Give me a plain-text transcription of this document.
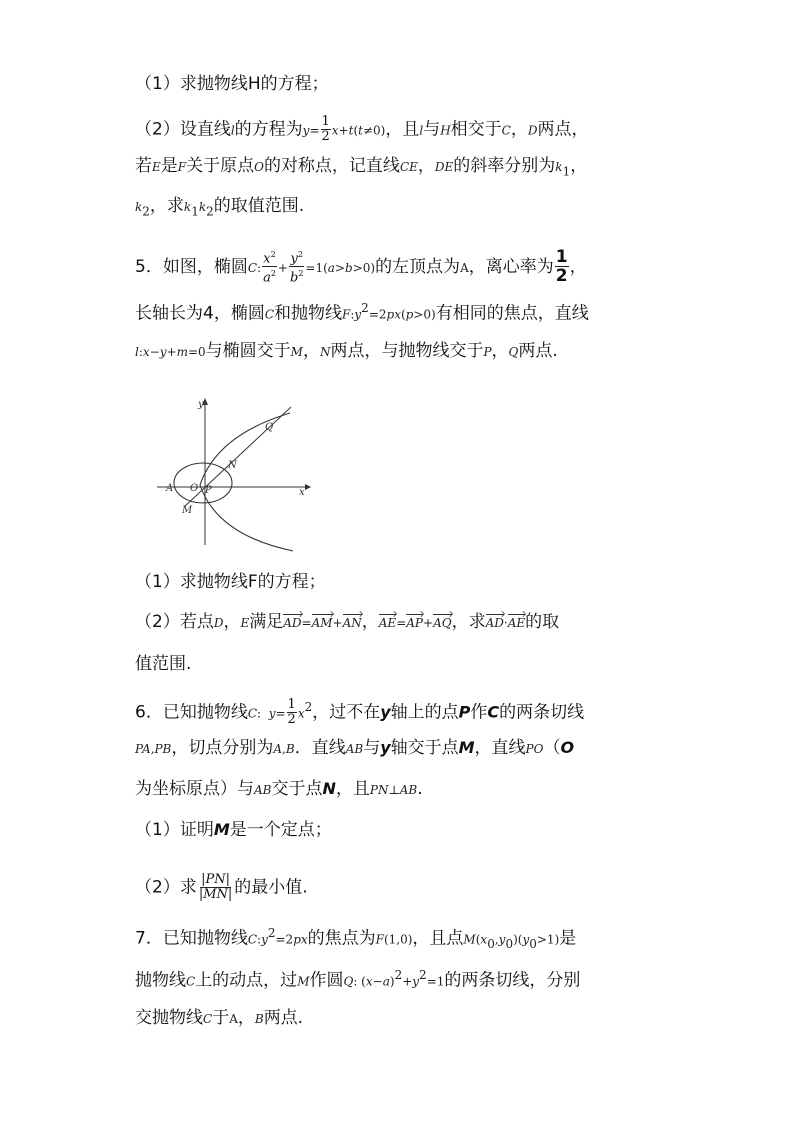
（1）求抛物线H的方程；
（2）设直线l的方程为$y= \frac{1}{2} x+t(t\ne 0)$，且l与H相交于C，D两点，
若E是F关于原点O的对称点，记直线CE，DE的斜率分别为$k_1$，
$k_2$，求$k_1k_2$的取值范围.
5．如图，椭圆C: $\frac{x^2}{a^2} + \frac{y^2}{b^2} =1(a>b>0)$的左顶点为A，离心率为 $\frac{1}{2}$ ，
长轴长为4，椭圆C和抛物线$F:y^2=2px(p>0)$有相同的焦点，直线
l:x−y+m=0与椭圆交于M，N两点，与抛物线交于P，Q两点.
y
x
A O P
M
N
Q
（1）求抛物线F的方程；
（2）若点D，E满足AD=AM+AN，AE=AP+AQ，求AD·AE的取
值范围.
6．已知抛物线C:  $y= \frac{1}{2} x^2$，过不在y轴上的点P作C的两条切线
PA,PB，切点分别为A,B．直线AB与y轴交于点M，直线PO（O
为坐标原点）与AB交于点N，且PN⊥AB.
（1）证明M是一个定点；
（2）求 $\frac{|PN|}{|MN|}$ 的最小值.
7．已知抛物线$C:y^2=2px$的焦点为F(1,0)，且点$M(x_0,y_0)(y_0>1)$是
抛物线C上的动点，过M作圆Q: $(x-a)^2+y^2=1$的两条切线，分别
交抛物线C于A，B两点.
